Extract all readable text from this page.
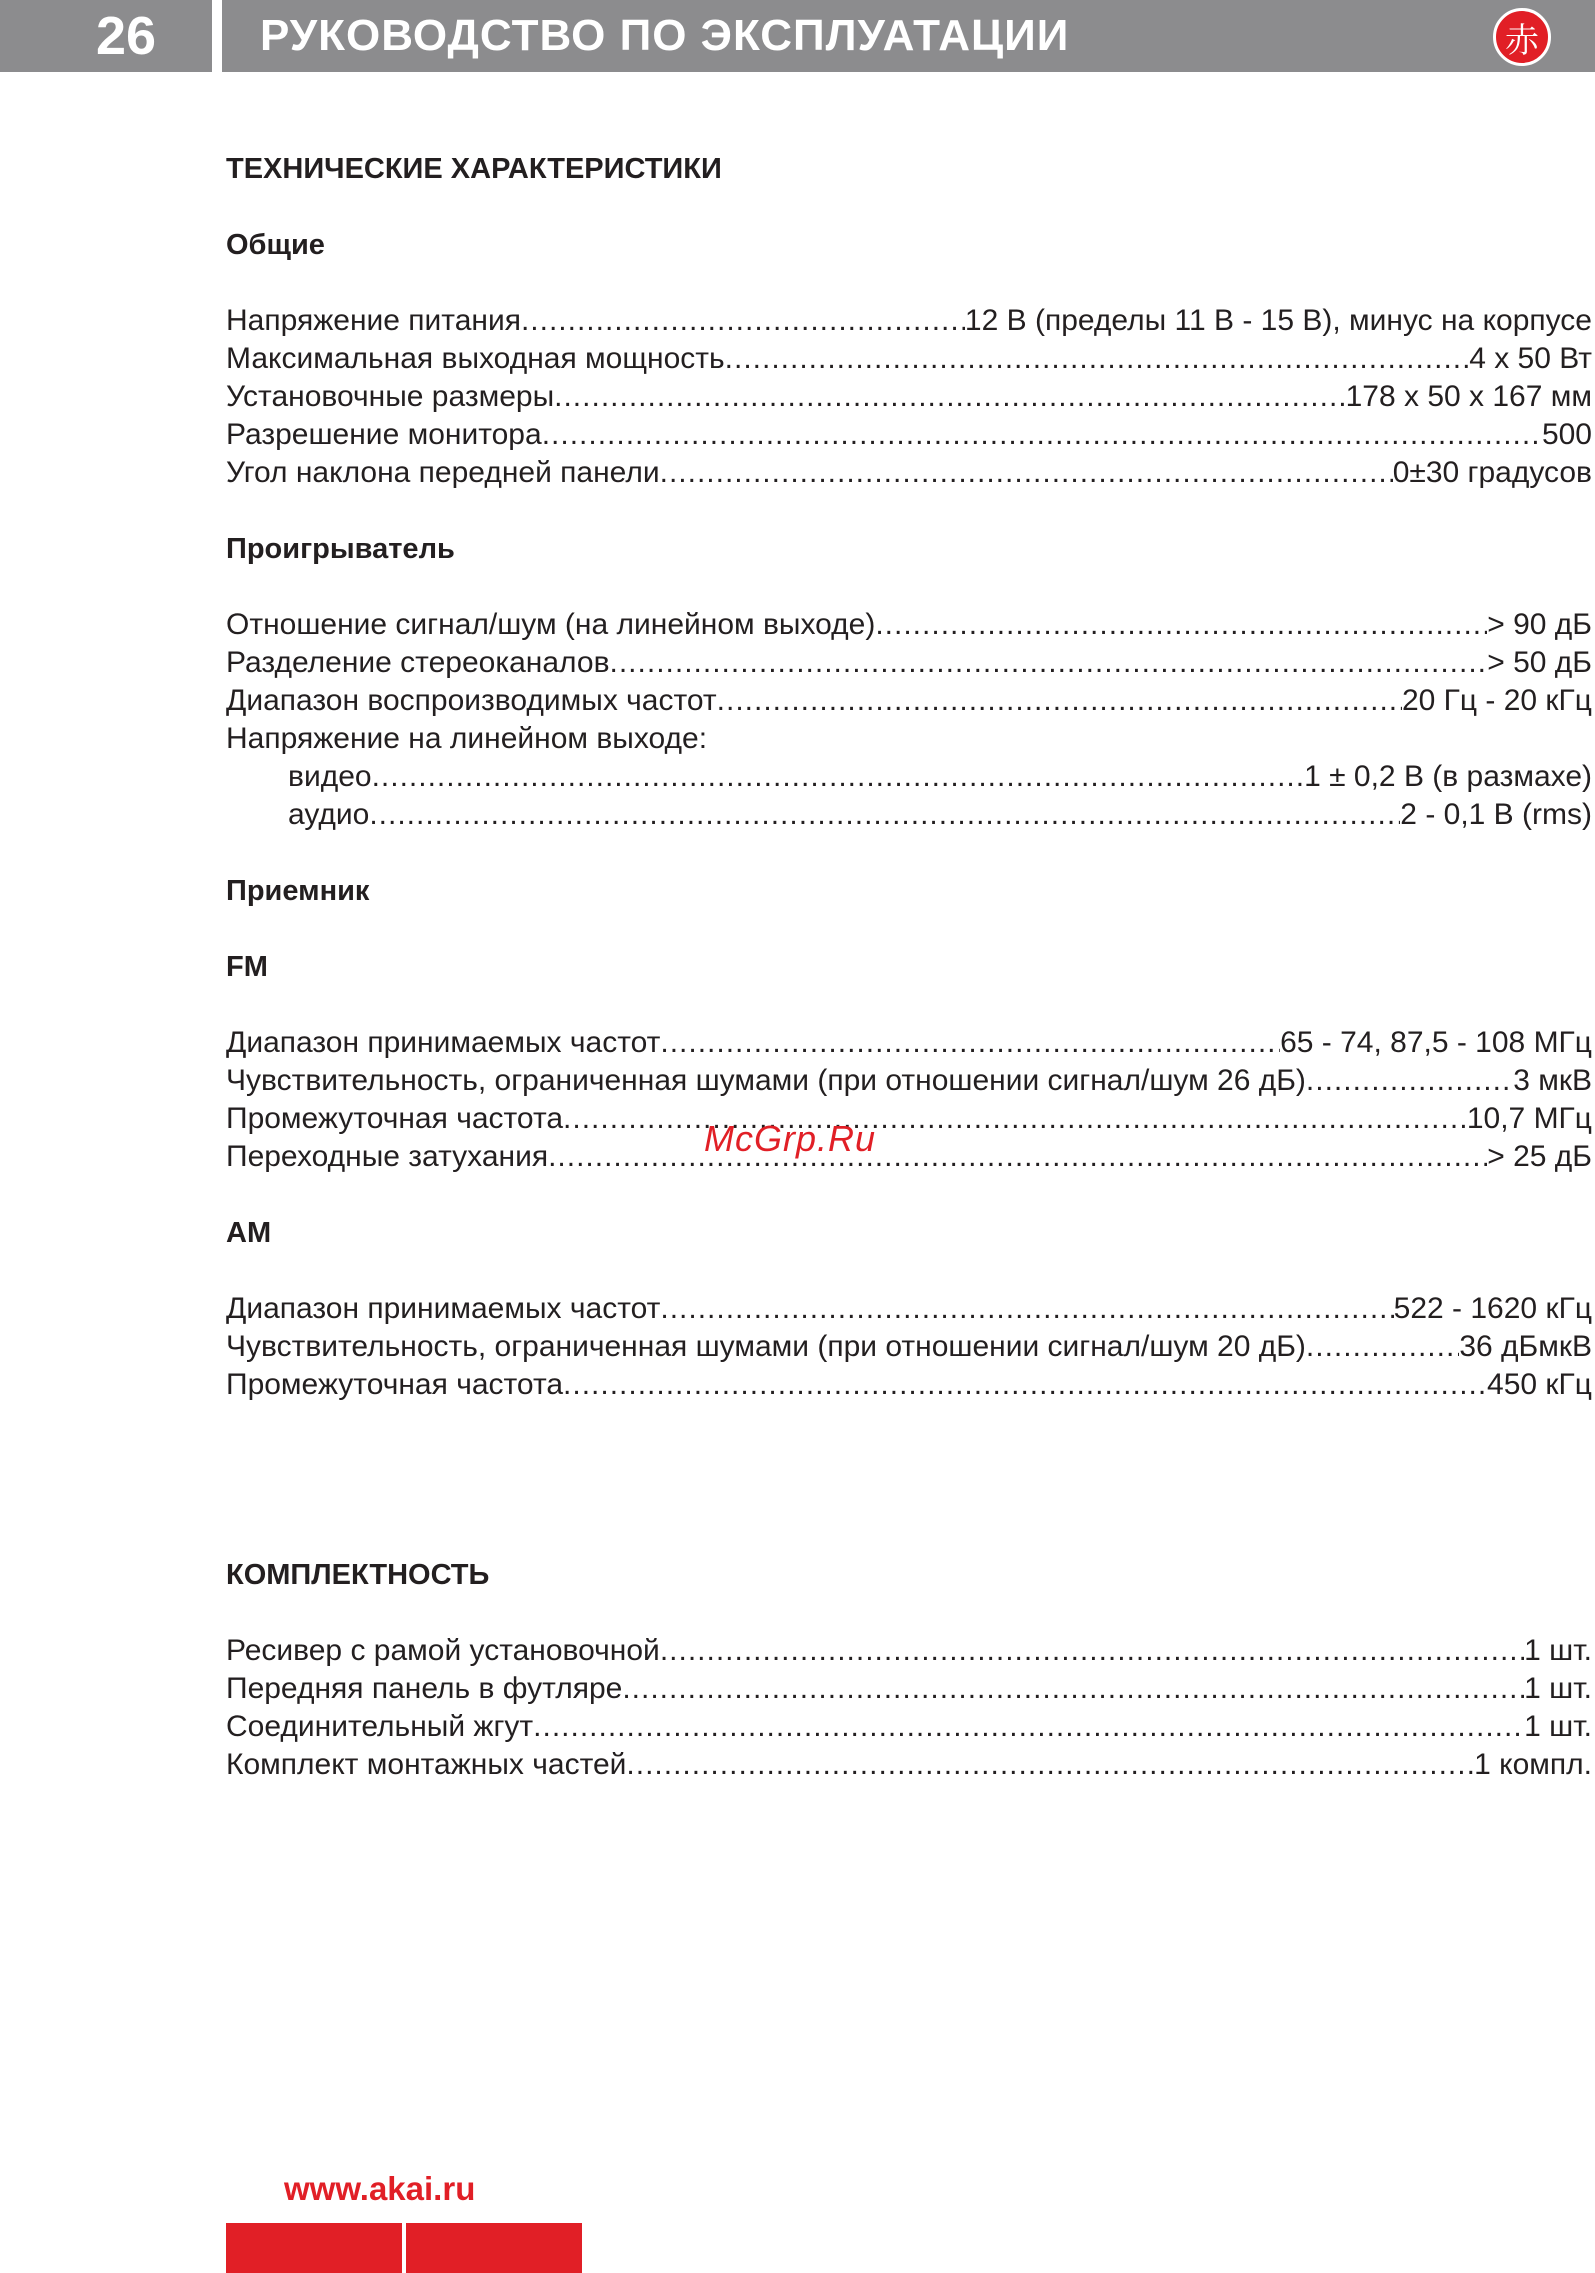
26	РУКОВОДСТВО ПО ЭКСПЛУАТАЦИИ	赤

ТЕХНИЧЕСКИЕ ХАРАКТЕРИСТИКИ

Общие

Напряжение питания .....	12 В (пределы 11 В - 15 В), минус на корпусе
Максимальная выходная мощность .....	4 х 50 Вт
Установочные размеры .....	178 х 50 х 167 мм
Разрешение монитора .....	500
Угол наклона передней панели .....	0±30 градусов

Проигрыватель

Отношение сигнал/шум (на линейном выходе) .....	> 90 дБ
Разделение стереоканалов .....	> 50 дБ
Диапазон воспроизводимых частот .....	20 Гц - 20 кГц
Напряжение на линейном выходе:
видео .....	1 ± 0,2 В (в размахе)
аудио .....	2 - 0,1 В (rms)

Приемник

FM

Диапазон принимаемых частот .....	65 - 74, 87,5 - 108 МГц
Чувствительность, ограниченная шумами (при отношении сигнал/шум 26 дБ) .....	3 мкВ
Промежуточная частота .....	10,7 МГц
Переходные затухания .....	> 25 дБ

AM

Диапазон принимаемых частот .....	522 - 1620 кГц
Чувствительность, ограниченная шумами (при отношении сигнал/шум 20 дБ) .....	36 дБмкВ
Промежуточная частота .....	450 кГц

КОМПЛЕКТНОСТЬ

Ресивер с рамой установочной .....	1 шт.
Передняя панель в футляре .....	1 шт.
Соединительный жгут .....	1 шт.
Комплект монтажных частей .....	1 компл.
McGrp.Ru
www.akai.ru
